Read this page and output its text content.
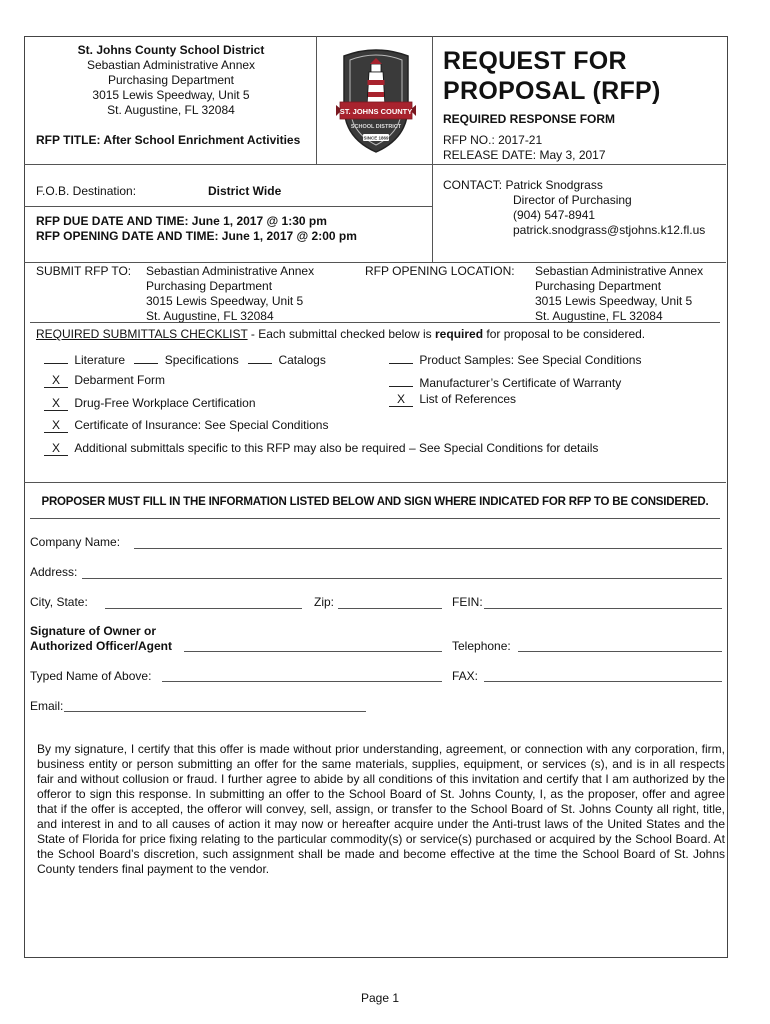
St. Johns County School District
Sebastian Administrative Annex
Purchasing Department
3015 Lewis Speedway, Unit 5
St. Augustine, FL 32084
RFP TITLE: After School Enrichment Activities
ST. JOHNS COUNTY
SCHOOL DISTRICT
SINCE 1869
REQUEST FOR
PROPOSAL (RFP)
REQUIRED RESPONSE FORM
RFP NO.: 2017-21
RELEASE DATE: May 3, 2017
F.O.B. Destination:	District Wide
RFP DUE DATE AND TIME: June 1, 2017 @ 1:30 pm
RFP OPENING DATE AND TIME: June 1, 2017 @ 2:00 pm
CONTACT: Patrick Snodgrass
Director of Purchasing
(904) 547-8941
patrick.snodgrass@stjohns.k12.fl.us
SUBMIT RFP TO: Sebastian Administrative Annex
Purchasing Department
3015 Lewis Speedway, Unit 5
St. Augustine, FL 32084
RFP OPENING LOCATION: Sebastian Administrative Annex
Purchasing Department
3015 Lewis Speedway, Unit 5
St. Augustine, FL 32084
REQUIRED SUBMITTALS CHECKLIST - Each submittal checked below is required for proposal to be considered.
Literature	Specifications	Catalogs	Product Samples: See Special Conditions
X Debarment Form	Manufacturer’s Certificate of Warranty
X List of References
X Drug-Free Workplace Certification
X Certificate of Insurance: See Special Conditions
X Additional submittals specific to this RFP may also be required – See Special Conditions for details
PROPOSER MUST FILL IN THE INFORMATION LISTED BELOW AND SIGN WHERE INDICATED FOR RFP TO BE CONSIDERED.
Company Name:
Address:
City, State:	Zip:	FEIN:
Signature of Owner or
Authorized Officer/Agent	Telephone:
Typed Name of Above:	FAX:
Email:
By my signature, I certify that this offer is made without prior understanding, agreement, or connection with any corporation, firm, business entity or person submitting an offer for the same materials, supplies, equipment, or services (s), and is in all respects fair and without collusion or fraud. I further agree to abide by all conditions of this invitation and certify that I am authorized by the offeror to sign this response. In submitting an offer to the School Board of St. Johns County, I, as the proposer, offer and agree that if the offer is accepted, the offeror will convey, sell, assign, or transfer to the School Board of St. Johns County all right, title, and interest in and to all causes of action it may now or hereafter acquire under the Anti-trust laws of the United States and the State of Florida for price fixing relating to the particular commodity(s) or service(s) purchased or acquired by the School Board. At the School Board’s discretion, such assignment shall be made and become effective at the time the School Board of St. Johns County tenders final payment to the vendor.
Page 1
